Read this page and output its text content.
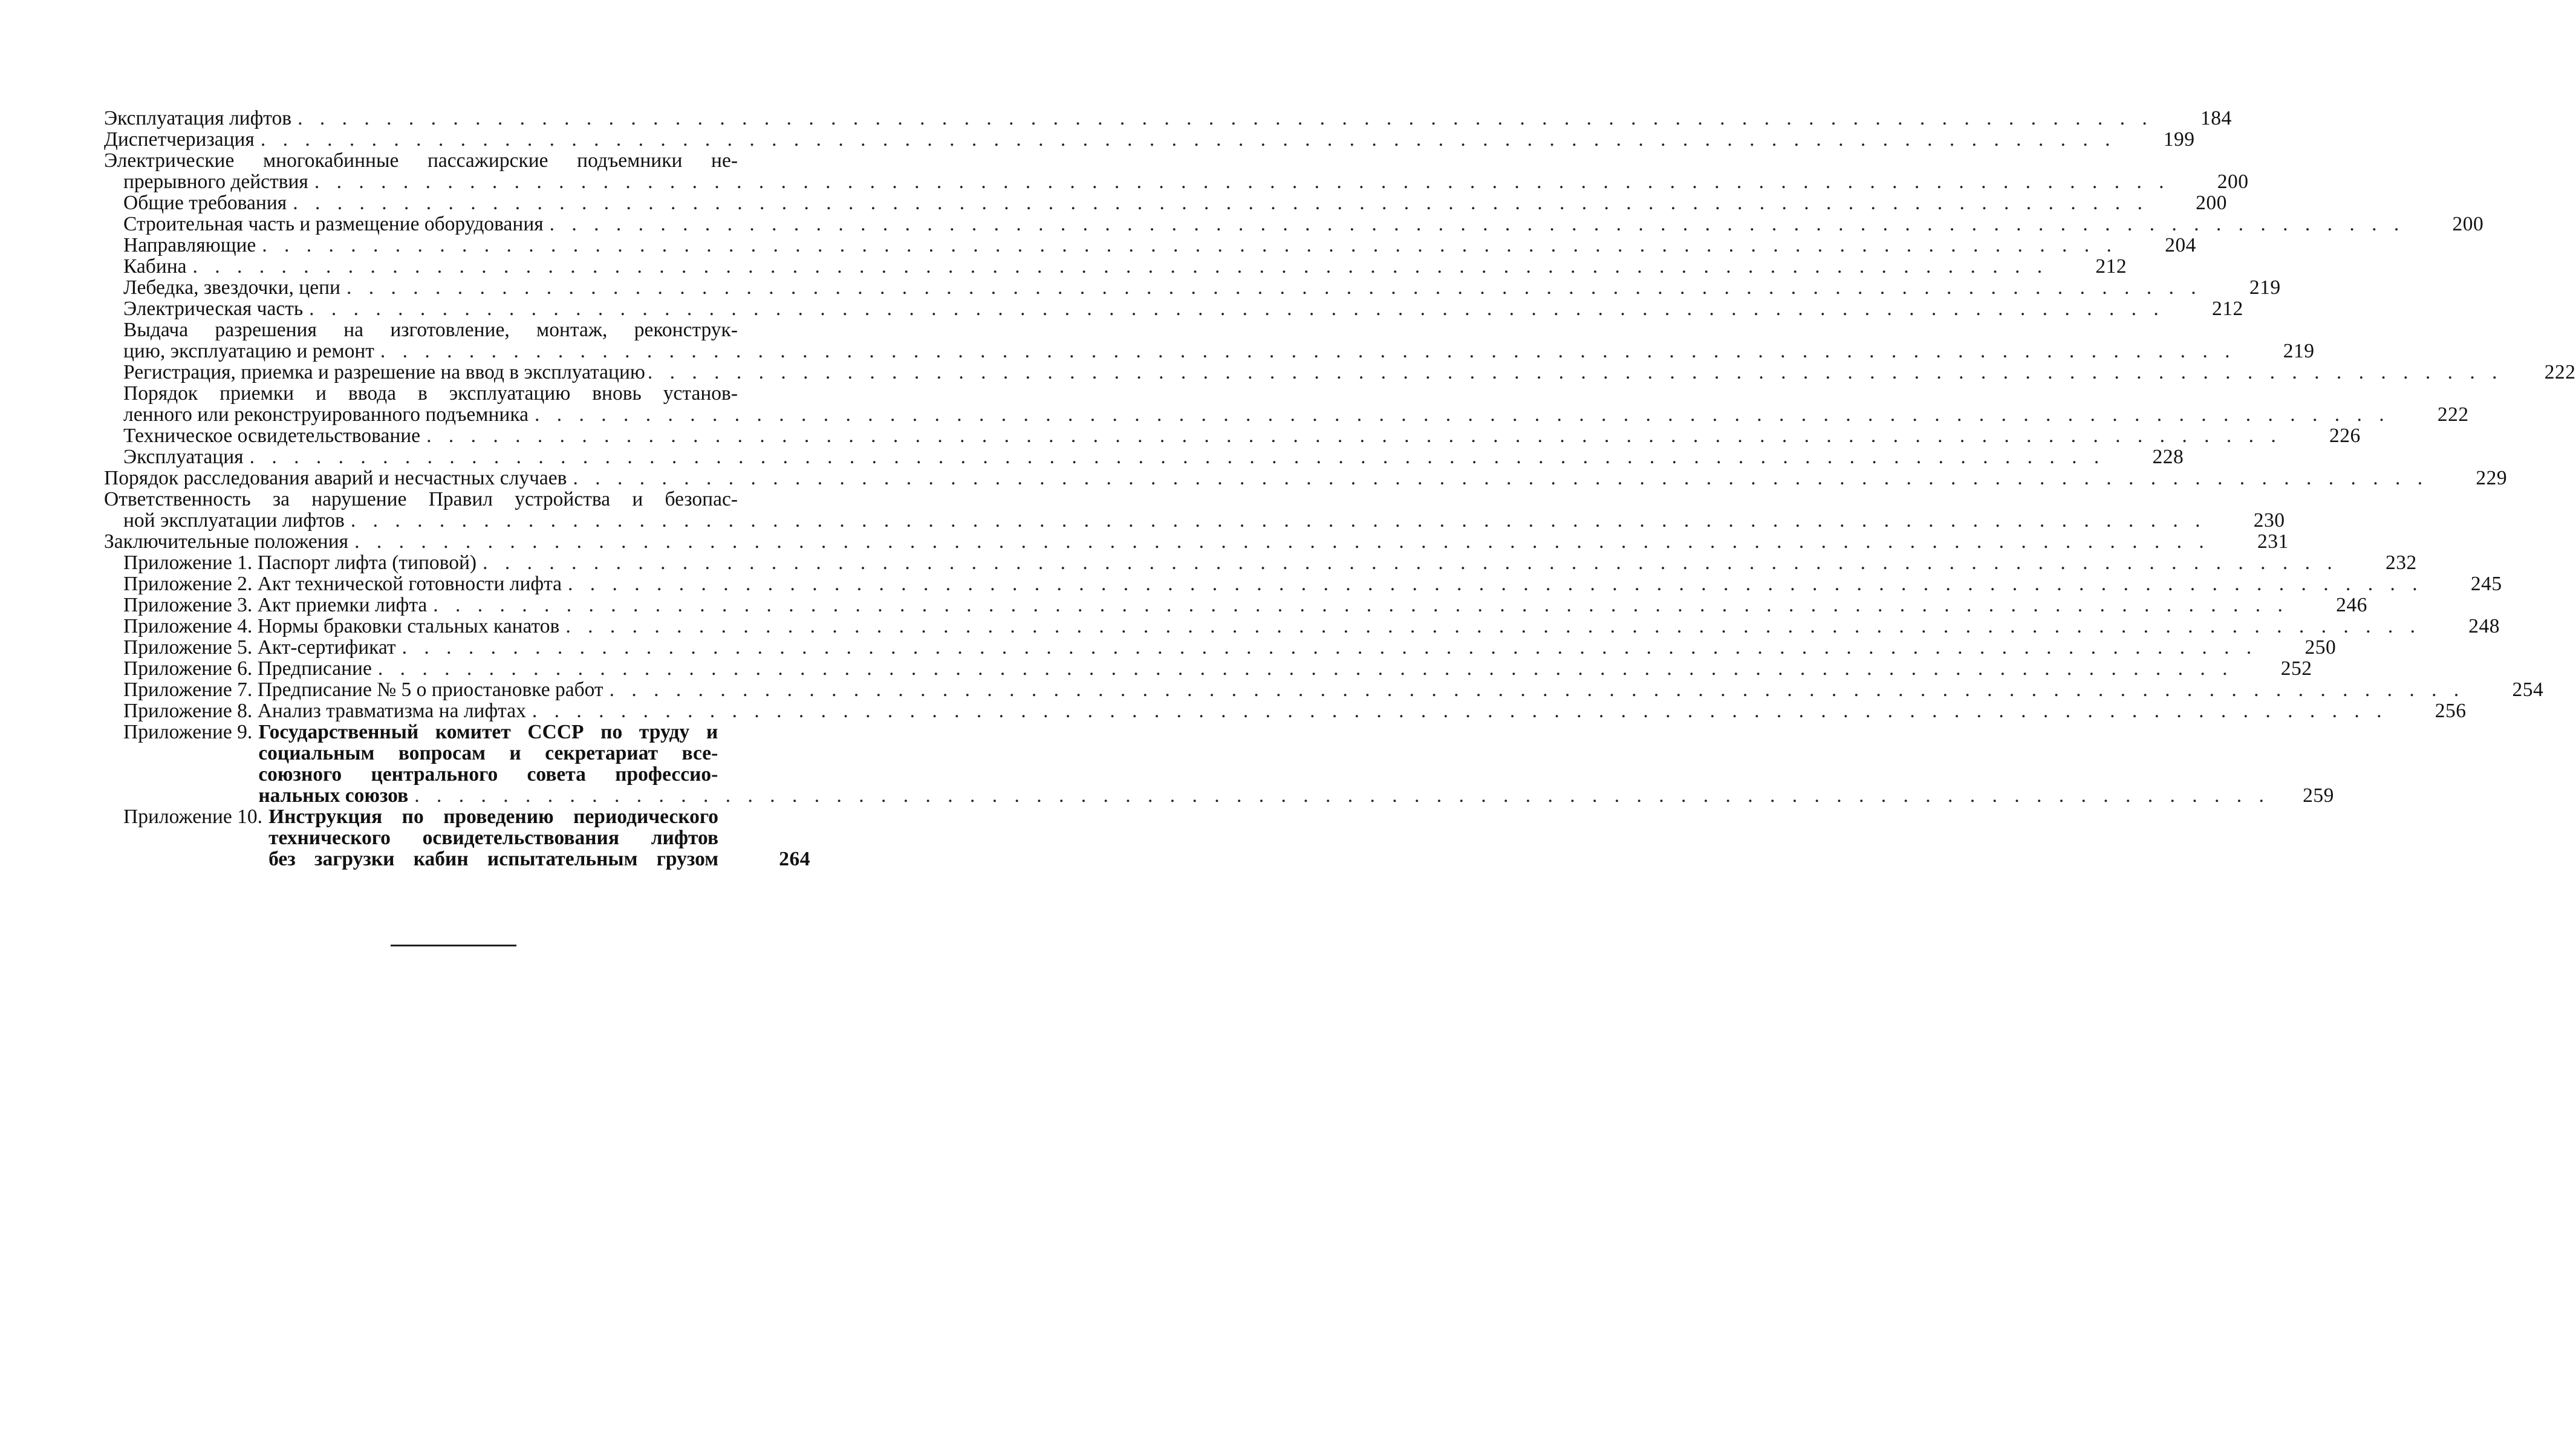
Эксплуатация лифтов . . .	184
Диспетчеризация . . .	199
Электрические многокабинные пассажирские подъемники не-
прерывного действия . . .	200
Общие требования . . .	200
Строительная часть и размещение оборудования . . .	200
Направляющие . . .	204
Кабина . . .	212
Лебедка, звездочки, цепи . . .	219
Электрическая часть . . .	212
Выдача разрешения на изготовление, монтаж, реконструк-
цию, эксплуатацию и ремонт . . .	219
Регистрация, приемка и разрешение на ввод в эксплуатацию . . .	222
Порядок приемки и ввода в эксплуатацию вновь установ-
ленного или реконструированного подъемника . . .	222
Техническое освидетельствование . . .	226
Эксплуатация . . .	228
Порядок расследования аварий и несчастных случаев . . .	229
Ответственность за нарушение Правил устройства и безопас-
ной эксплуатации лифтов . . .	230
Заключительные положения . . .	231
Приложение 1.
Паспорт лифта (типовой) . . .	232
Приложение 2.
Акт технической готовности лифта . . .	245
Приложение 3.
Акт приемки лифта . . .	246
Приложение 4.
Нормы браковки стальных канатов . . .	248
Приложение 5.
Акт-сертификат . . .	250
Приложение 6.
Предписание . . .	252
Приложение 7.
Предписание № 5 о приостановке работ . . .	254
Приложение 8.
Анализ травматизма на лифтах . . .	256
Приложение 9. Государственный комитет СССР по труду и
социальным вопросам и секретариат все-
союзного центрального совета профессио-
нальных союзов . . .	259
Приложение 10. Инструкция по проведению периодического
технического освидетельствования лифтов
без загрузки кабин испытательным грузом	264
